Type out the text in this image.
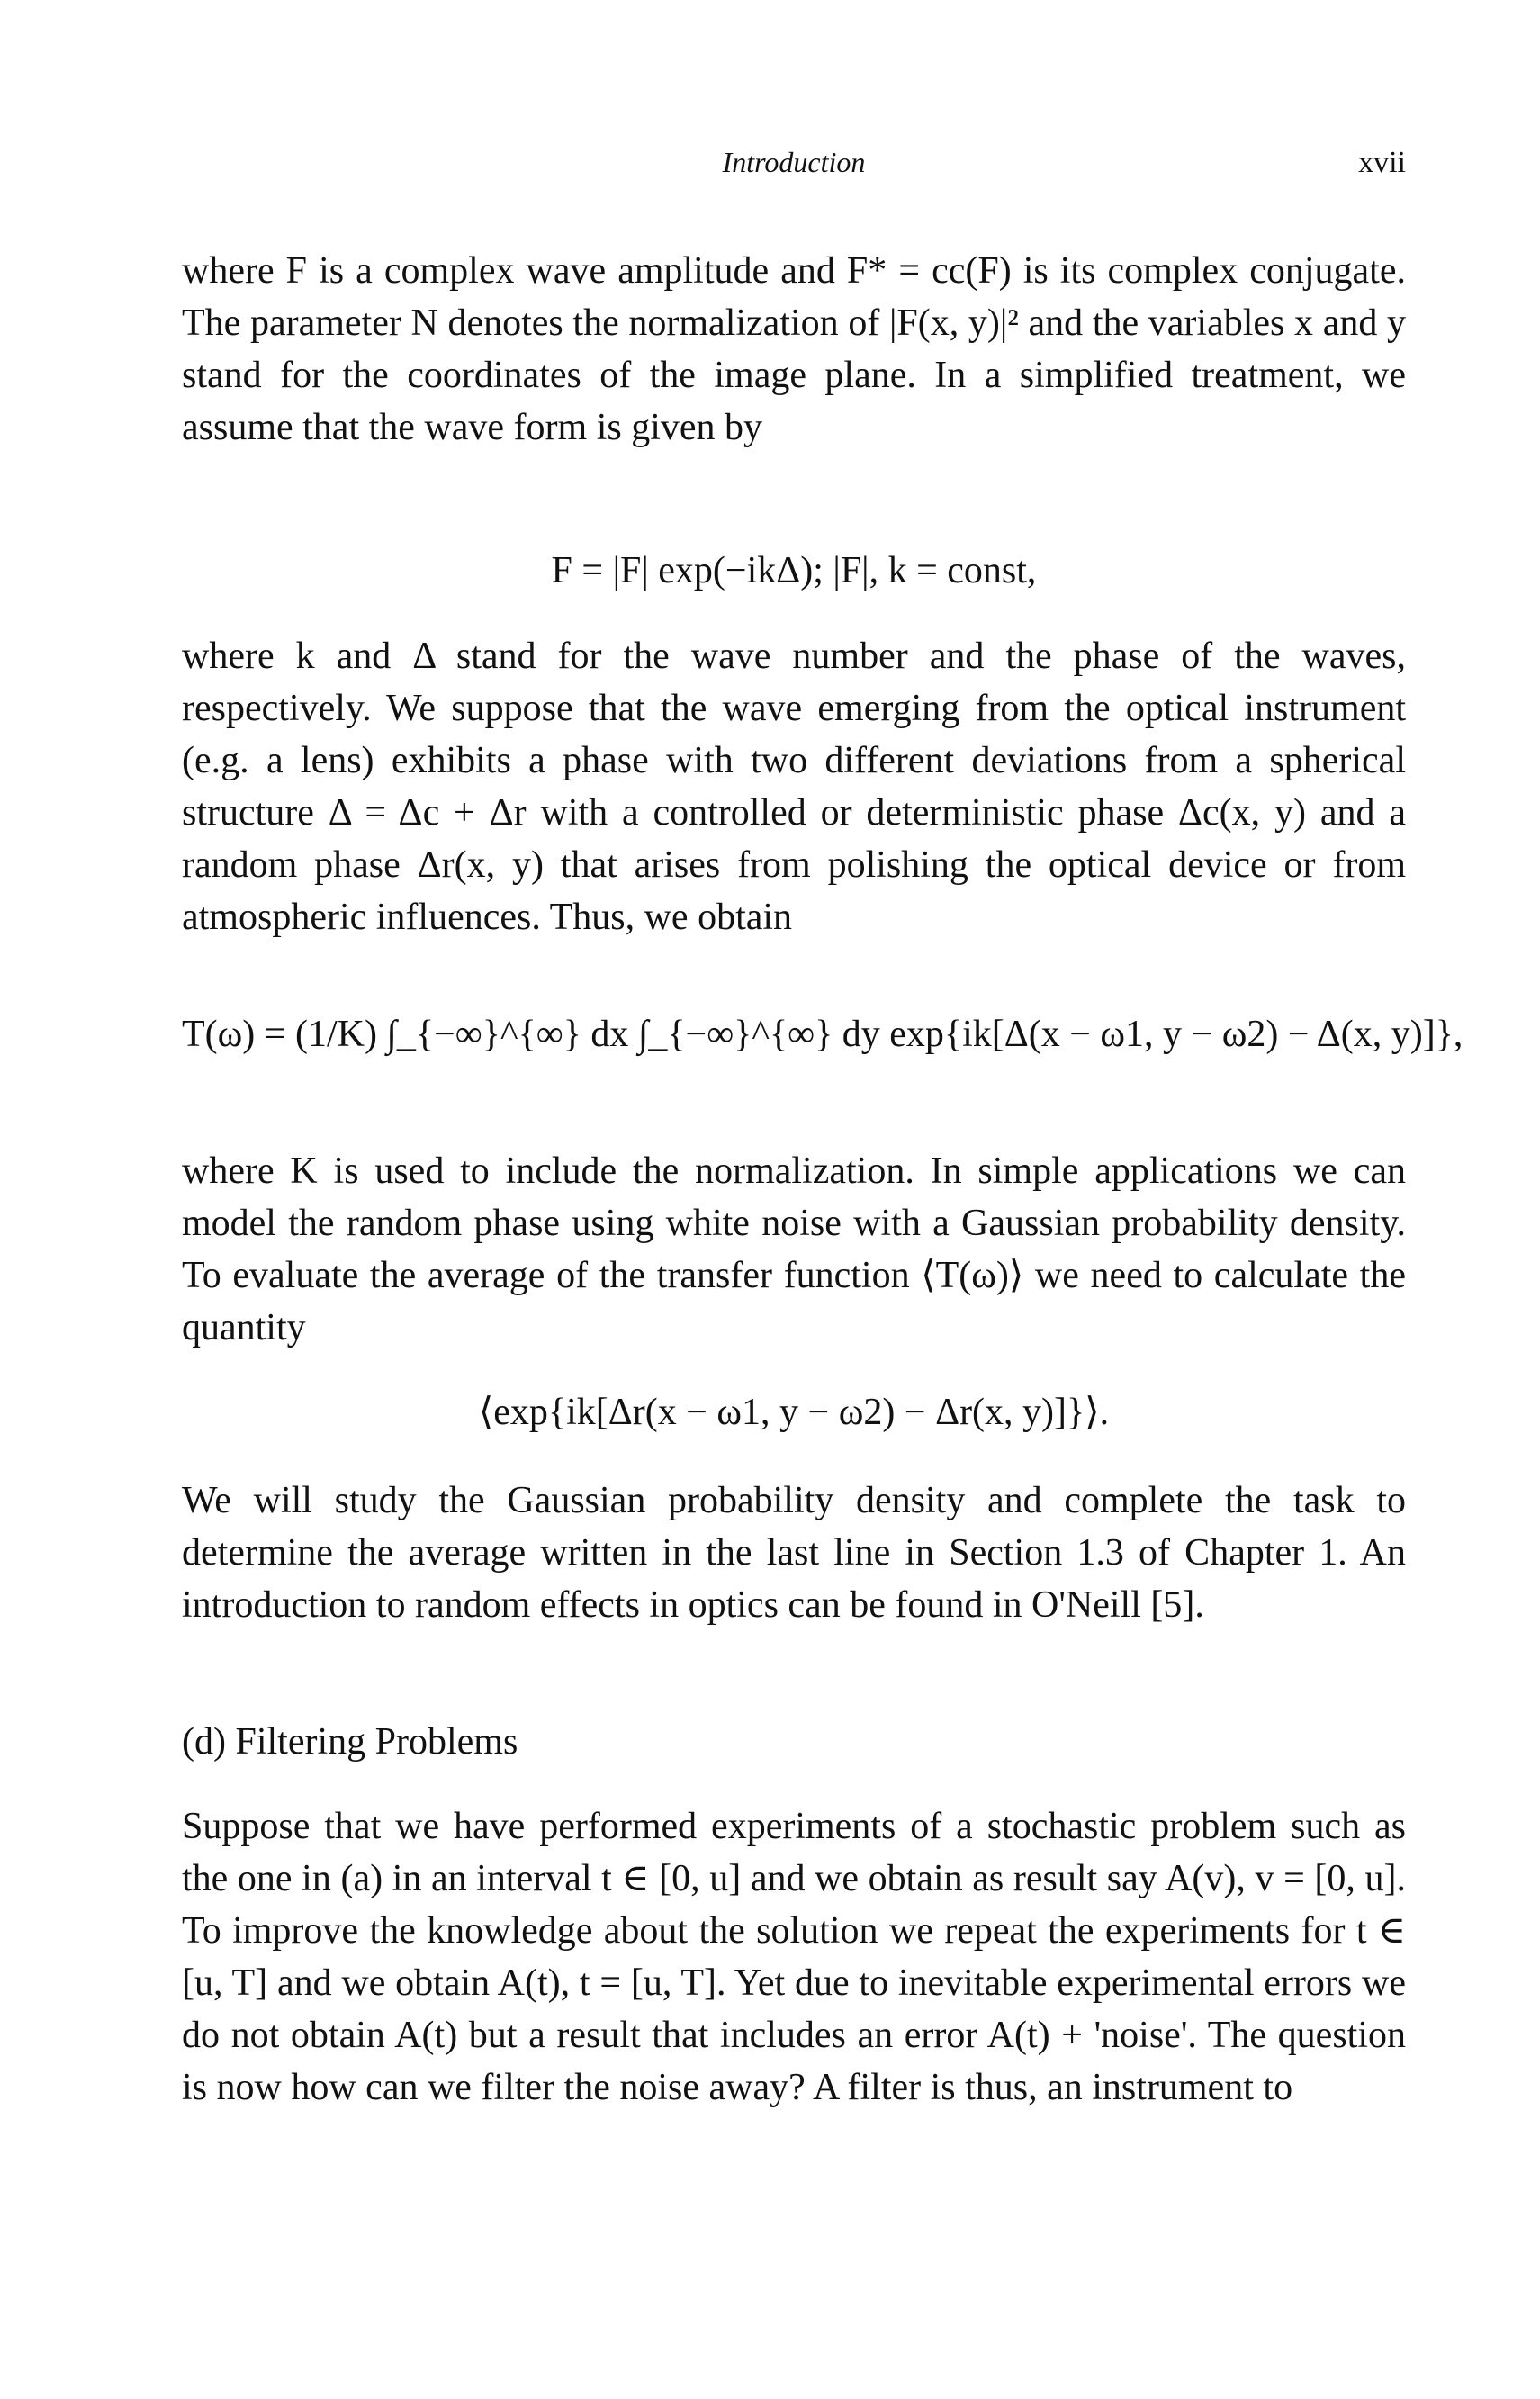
Introduction	xvii

where F is a complex wave amplitude and F* = cc(F) is its complex conjugate. The parameter N denotes the normalization of |F(x, y)|² and the variables x and y stand for the coordinates of the image plane. In a simplified treatment, we assume that the wave form is given by

F = |F| exp(−ikΔ); |F|, k = const,

where k and Δ stand for the wave number and the phase of the waves, respectively. We suppose that the wave emerging from the optical instrument (e.g. a lens) exhibits a phase with two different deviations from a spherical structure Δ = Δc + Δr with a controlled or deterministic phase Δc(x, y) and a random phase Δr(x, y) that arises from polishing the optical device or from atmospheric influences. Thus, we obtain

T(ω) = (1/K) ∫_{−∞}^{∞} dx ∫_{−∞}^{∞} dy exp{ik[Δ(x − ω1, y − ω2) − Δ(x, y)]},

where K is used to include the normalization. In simple applications we can model the random phase using white noise with a Gaussian probability density. To evaluate the average of the transfer function ⟨T(ω)⟩ we need to calculate the quantity

⟨exp{ik[Δr(x − ω1, y − ω2) − Δr(x, y)]}⟩.

We will study the Gaussian probability density and complete the task to determine the average written in the last line in Section 1.3 of Chapter 1. An introduction to random effects in optics can be found in O'Neill [5].

(d) Filtering Problems

Suppose that we have performed experiments of a stochastic problem such as the one in (a) in an interval t ∈ [0, u] and we obtain as result say A(v), v = [0, u]. To improve the knowledge about the solution we repeat the experiments for t ∈ [u, T] and we obtain A(t), t = [u, T]. Yet due to inevitable experimental errors we do not obtain A(t) but a result that includes an error A(t) + 'noise'. The question is now how can we filter the noise away? A filter is thus, an instrument to
